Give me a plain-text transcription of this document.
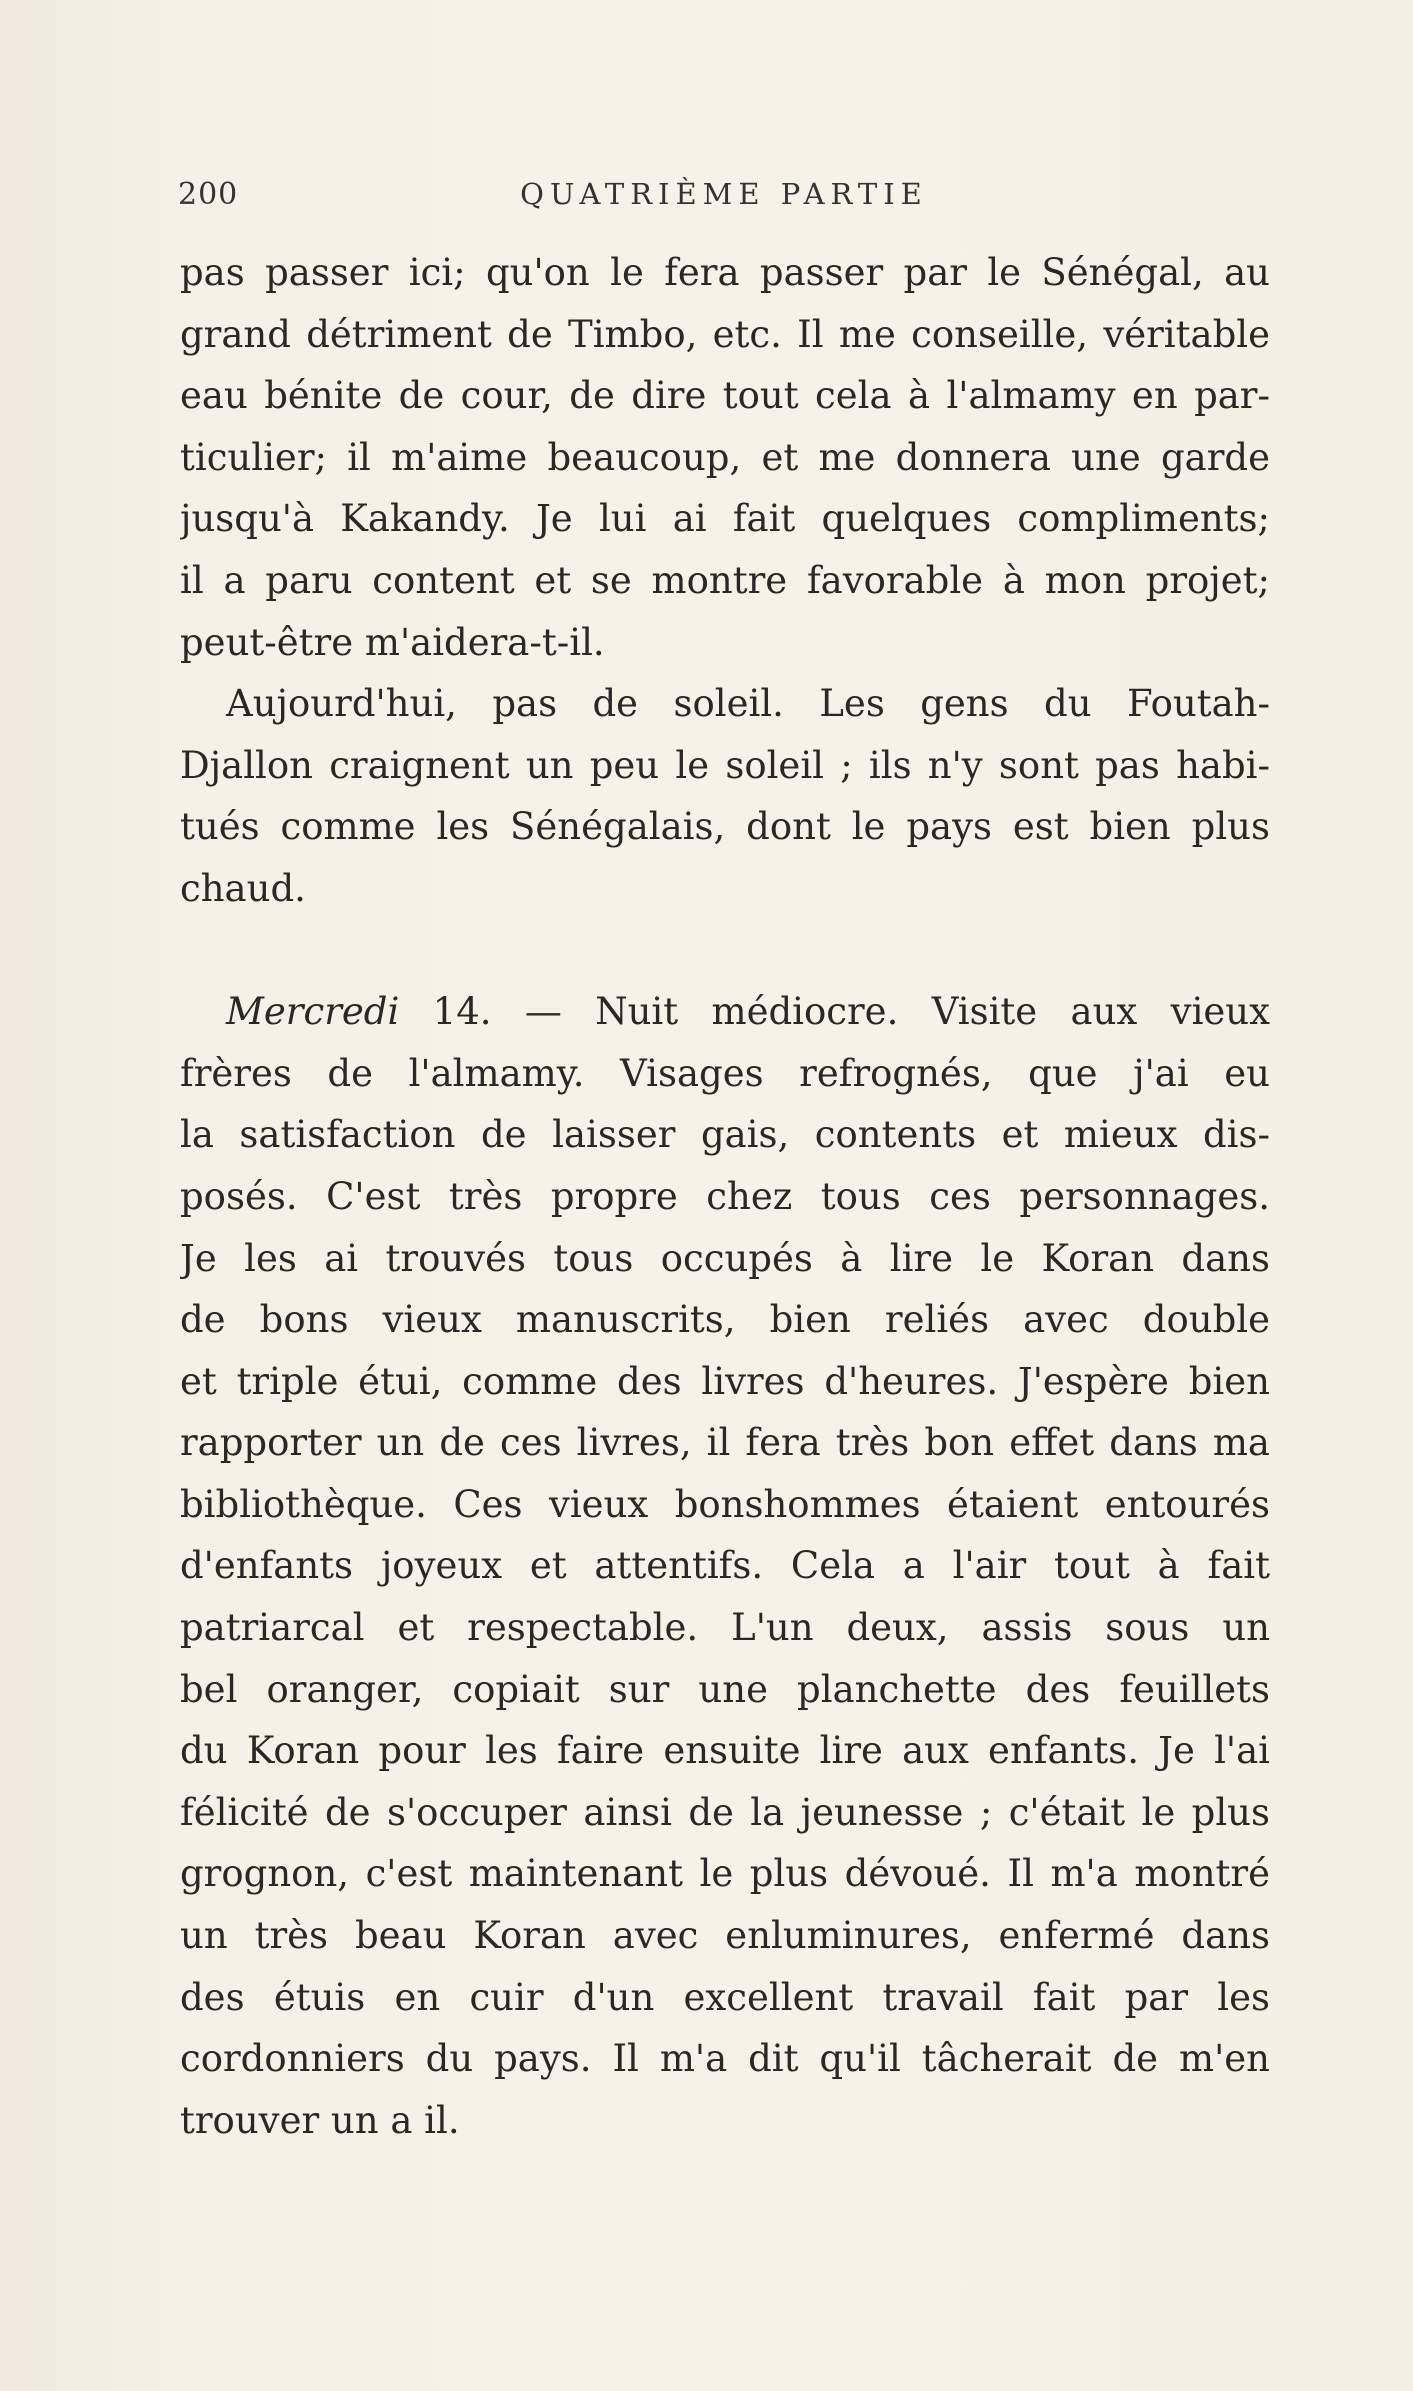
200	QUATRIÈME PARTIE
pas passer ici; qu'on le fera passer par le Sénégal, au
grand détriment de Timbo, etc. Il me conseille, véritable
eau bénite de cour, de dire tout cela à l'almamy en par-
ticulier; il m'aime beaucoup, et me donnera une garde
jusqu'à Kakandy. Je lui ai fait quelques compliments;
il a paru content et se montre favorable à mon projet;
peut-être m'aidera-t-il.
Aujourd'hui, pas de soleil. Les gens du Foutah-
Djallon craignent un peu le soleil ; ils n'y sont pas habi-
tués comme les Sénégalais, dont le pays est bien plus
chaud.
Mercredi 14. — Nuit médiocre. Visite aux vieux
frères de l'almamy. Visages refrognés, que j'ai eu
la satisfaction de laisser gais, contents et mieux dis-
posés. C'est très propre chez tous ces personnages.
Je les ai trouvés tous occupés à lire le Koran dans
de bons vieux manuscrits, bien reliés avec double
et triple étui, comme des livres d'heures. J'espère bien
rapporter un de ces livres, il fera très bon effet dans ma
bibliothèque. Ces vieux bonshommes étaient entourés
d'enfants joyeux et attentifs. Cela a l'air tout à fait
patriarcal et respectable. L'un deux, assis sous un
bel oranger, copiait sur une planchette des feuillets
du Koran pour les faire ensuite lire aux enfants. Je l'ai
félicité de s'occuper ainsi de la jeunesse ; c'était le plus
grognon, c'est maintenant le plus dévoué. Il m'a montré
un très beau Koran avec enluminures, enfermé dans
des étuis en cuir d'un excellent travail fait par les
cordonniers du pays. Il m'a dit qu'il tâcherait de m'en
trouver un a il.
